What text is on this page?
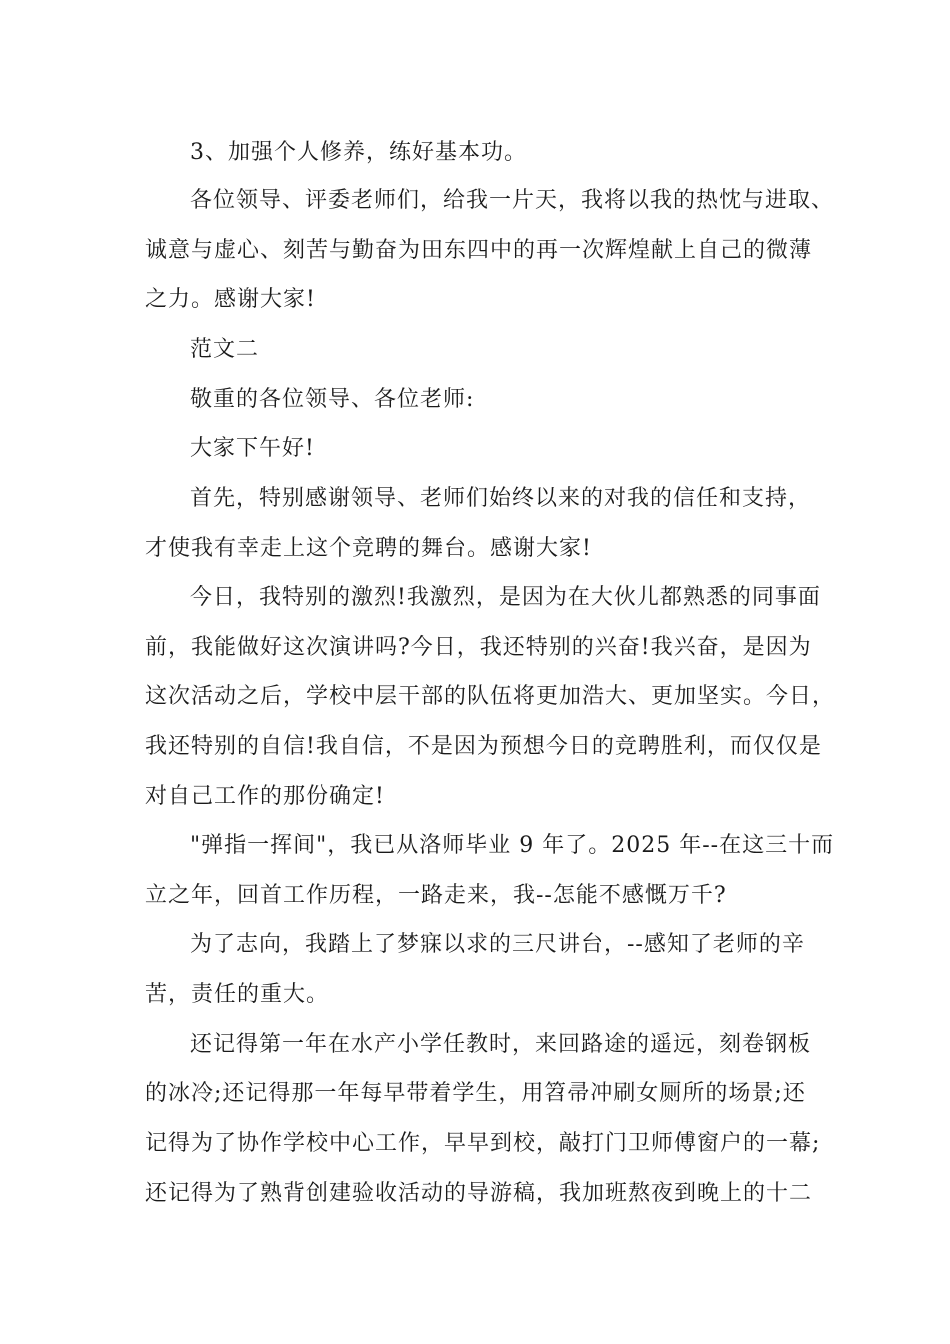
3、加强个人修养，练好基本功。
各位领导、评委老师们，给我一片天，我将以我的热忱与进取、
诚意与虚心、刻苦与勤奋为田东四中的再一次辉煌献上自己的微薄
之力。感谢大家!
范文二
敬重的各位领导、各位老师:
大家下午好!
首先，特别感谢领导、老师们始终以来的对我的信任和支持，
才使我有幸走上这个竞聘的舞台。感谢大家!
今日，我特别的激烈!我激烈，是因为在大伙儿都熟悉的同事面
前，我能做好这次演讲吗?今日，我还特别的兴奋!我兴奋，是因为
这次活动之后，学校中层干部的队伍将更加浩大、更加坚实。今日，
我还特别的自信!我自信，不是因为预想今日的竞聘胜利，而仅仅是
对自己工作的那份确定!
"弹指一挥间"，我已从洛师毕业 9 年了。2025 年--在这三十而
立之年，回首工作历程，一路走来，我--怎能不感慨万千?
为了志向，我踏上了梦寐以求的三尺讲台，--感知了老师的辛
苦，责任的重大。
还记得第一年在水产小学任教时，来回路途的遥远，刻卷钢板
的冰冷;还记得那一年每早带着学生，用笤帚冲刷女厕所的场景;还
记得为了协作学校中心工作，早早到校，敲打门卫师傅窗户的一幕;
还记得为了熟背创建验收活动的导游稿，我加班熬夜到晚上的十二
